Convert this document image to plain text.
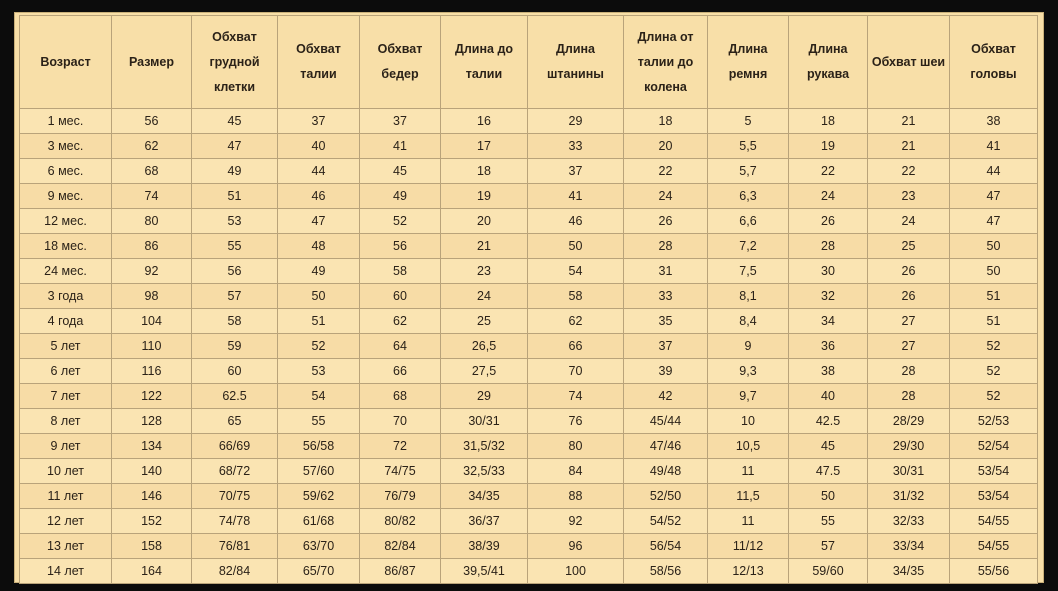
Возраст	Размер	Обхват грудной клетки	Обхват талии	Обхват бедер	Длина до талии	Длина штанины	Длина от талии до колена	Длина ремня	Длина рукава	Обхват шеи	Обхват головы
1 мес.	56	45	37	37	16	29	18	5	18	21	38
3 мес.	62	47	40	41	17	33	20	5,5	19	21	41
6 мес.	68	49	44	45	18	37	22	5,7	22	22	44
9 мес.	74	51	46	49	19	41	24	6,3	24	23	47
12 мес.	80	53	47	52	20	46	26	6,6	26	24	47
18 мес.	86	55	48	56	21	50	28	7,2	28	25	50
24 мес.	92	56	49	58	23	54	31	7,5	30	26	50
3 года	98	57	50	60	24	58	33	8,1	32	26	51
4 года	104	58	51	62	25	62	35	8,4	34	27	51
5 лет	110	59	52	64	26,5	66	37	9	36	27	52
6 лет	116	60	53	66	27,5	70	39	9,3	38	28	52
7 лет	122	62.5	54	68	29	74	42	9,7	40	28	52
8 лет	128	65	55	70	30/31	76	45/44	10	42.5	28/29	52/53
9 лет	134	66/69	56/58	72	31,5/32	80	47/46	10,5	45	29/30	52/54
10 лет	140	68/72	57/60	74/75	32,5/33	84	49/48	11	47.5	30/31	53/54
11 лет	146	70/75	59/62	76/79	34/35	88	52/50	11,5	50	31/32	53/54
12 лет	152	74/78	61/68	80/82	36/37	92	54/52	11	55	32/33	54/55
13 лет	158	76/81	63/70	82/84	38/39	96	56/54	11/12	57	33/34	54/55
14 лет	164	82/84	65/70	86/87	39,5/41	100	58/56	12/13	59/60	34/35	55/56
